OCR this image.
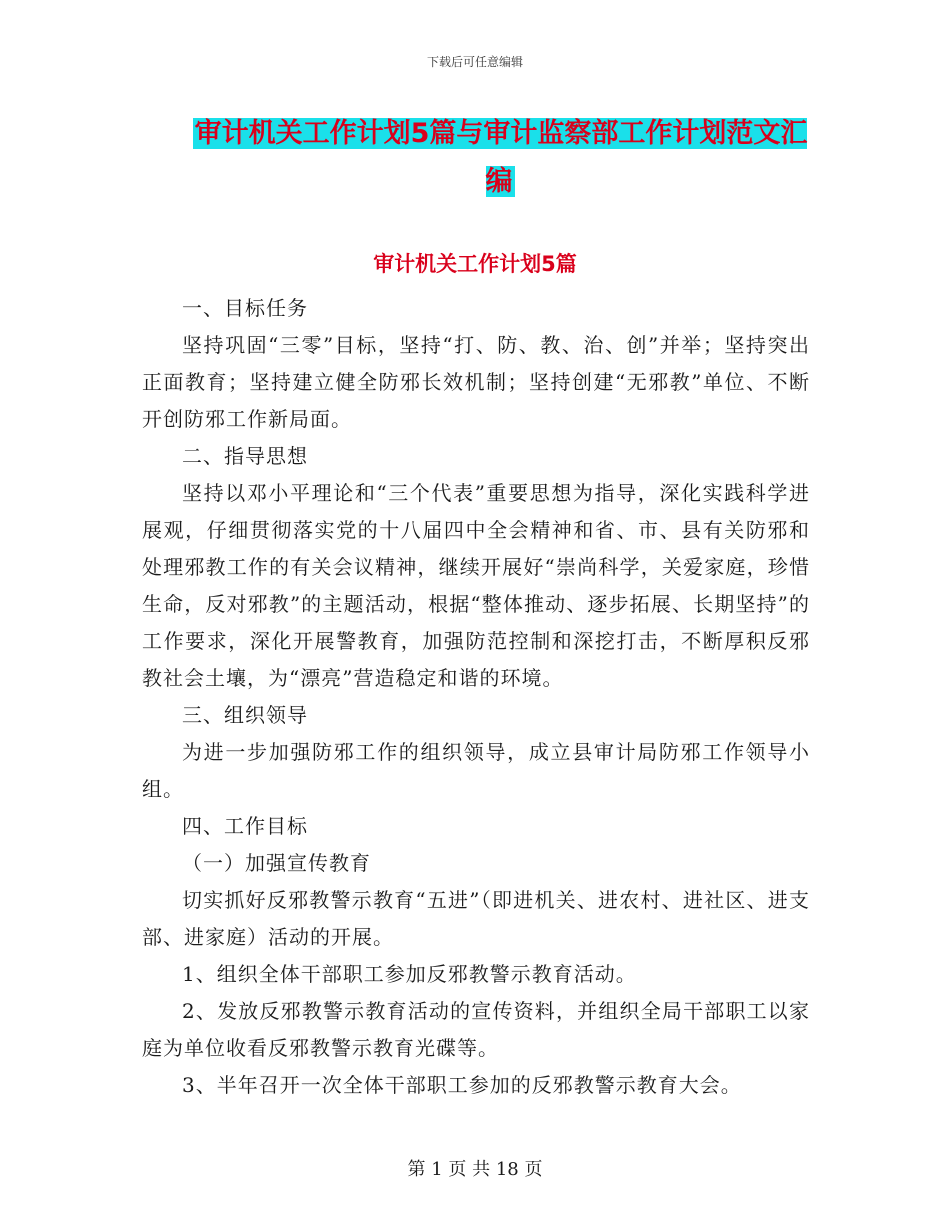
下载后可任意编辑
审计机关工作计划5篇与审计监察部工作计划范文汇编
审计机关工作计划5篇

一、目标任务

坚持巩固“三零”目标，坚持“打、防、教、治、创”并举；坚持突出正面教育；坚持建立健全防邪长效机制；坚持创建“无邪教”单位、不断开创防邪工作新局面。

二、指导思想

坚持以邓小平理论和“三个代表”重要思想为指导，深化实践科学进展观，仔细贯彻落实党的十八届四中全会精神和省、市、县有关防邪和处理邪教工作的有关会议精神，继续开展好“崇尚科学，关爱家庭，珍惜生命，反对邪教”的主题活动，根据“整体推动、逐步拓展、长期坚持”的工作要求，深化开展警教育，加强防范控制和深挖打击，不断厚积反邪教社会土壤，为“漂亮”营造稳定和谐的环境。

三、组织领导

为进一步加强防邪工作的组织领导，成立县审计局防邪工作领导小组。

四、工作目标

（一）加强宣传教育

切实抓好反邪教警示教育“五进”（即进机关、进农村、进社区、进支部、进家庭）活动的开展。

1、组织全体干部职工参加反邪教警示教育活动。

2、发放反邪教警示教育活动的宣传资料，并组织全局干部职工以家庭为单位收看反邪教警示教育光碟等。

3、半年召开一次全体干部职工参加的反邪教警示教育大会。

第 1 页 共 18 页
